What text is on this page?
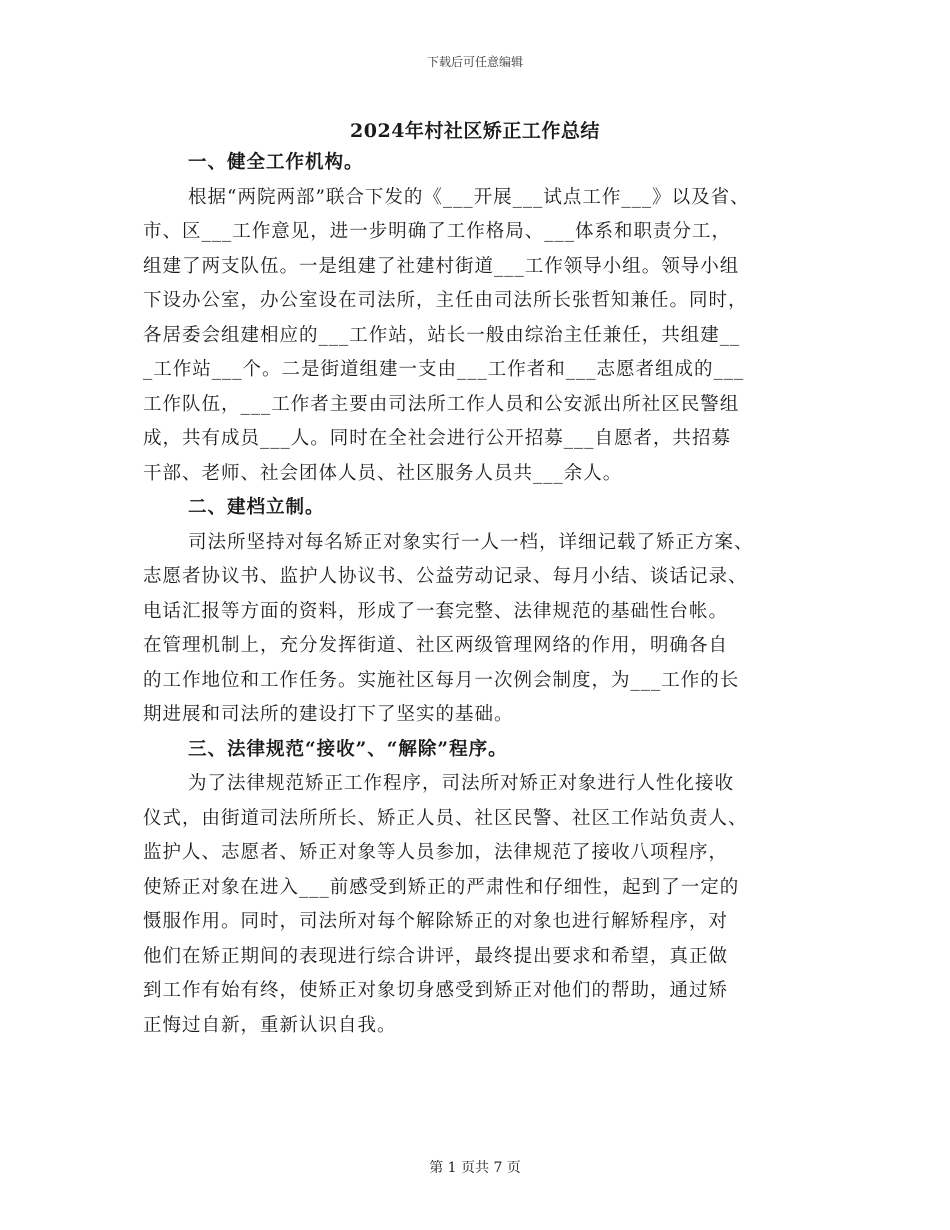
下载后可任意编辑
2024年村社区矫正工作总结
一、健全工作机构。
根据“两院两部”联合下发的《___开展___试点工作___》以及省、
市、区___工作意见，进一步明确了工作格局、___体系和职责分工，
组建了两支队伍。一是组建了社建村街道___工作领导小组。领导小组
下设办公室，办公室设在司法所，主任由司法所长张哲知兼任。同时，
各居委会组建相应的___工作站，站长一般由综治主任兼任，共组建__
_工作站___个。二是街道组建一支由___工作者和___志愿者组成的___
工作队伍，___工作者主要由司法所工作人员和公安派出所社区民警组
成，共有成员___人。同时在全社会进行公开招募___自愿者，共招募
干部、老师、社会团体人员、社区服务人员共___余人。
二、建档立制。
司法所坚持对每名矫正对象实行一人一档，详细记载了矫正方案、
志愿者协议书、监护人协议书、公益劳动记录、每月小结、谈话记录、
电话汇报等方面的资料，形成了一套完整、法律规范的基础性台帐。
在管理机制上，充分发挥街道、社区两级管理网络的作用，明确各自
的工作地位和工作任务。实施社区每月一次例会制度，为___工作的长
期进展和司法所的建设打下了坚实的基础。
三、法律规范“接收”、“解除”程序。
为了法律规范矫正工作程序，司法所对矫正对象进行人性化接收
仪式，由街道司法所所长、矫正人员、社区民警、社区工作站负责人、
监护人、志愿者、矫正对象等人员参加，法律规范了接收八项程序，
使矫正对象在进入___前感受到矫正的严肃性和仔细性，起到了一定的
慑服作用。同时，司法所对每个解除矫正的对象也进行解矫程序，对
他们在矫正期间的表现进行综合讲评，最终提出要求和希望，真正做
到工作有始有终，使矫正对象切身感受到矫正对他们的帮助，通过矫
正悔过自新，重新认识自我。
第 1 页共 7 页
